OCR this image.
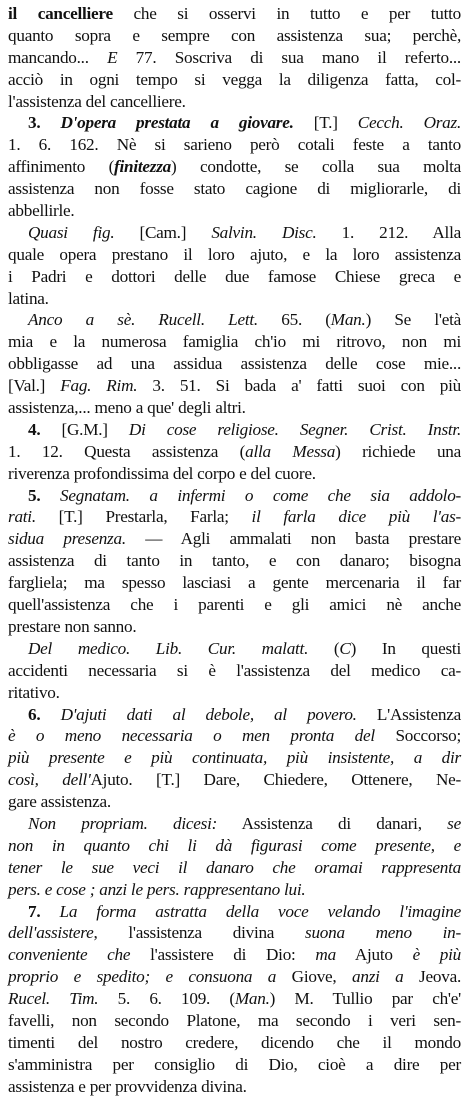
il cancelliere che si osservi in tutto e per tutto
quanto sopra e sempre con assistenza sua; perchè,
mancando... E 77. Soscriva di sua mano il referto...
acciò in ogni tempo si vegga la diligenza fatta, col-
l'assistenza del cancelliere.
3. D'opera prestata a giovare. [T.] Cecch. Oraz.
1. 6. 162. Nè si sarieno però cotali feste a tanto
affinimento (finitezza) condotte, se colla sua molta
assistenza non fosse stato cagione di migliorarle, di
abbellirle.
Quasi fig. [Cam.] Salvin. Disc. 1. 212. Alla
quale opera prestano il loro ajuto, e la loro assistenza
i Padri e dottori delle due famose Chiese greca e
latina.
Anco a sè. Rucell. Lett. 65. (Man.) Se l'età
mia e la numerosa famiglia ch'io mi ritrovo, non mi
obbligasse ad una assidua assistenza delle cose mie...
[Val.] Fag. Rim. 3. 51. Si bada a' fatti suoi con più
assistenza,... meno a que' degli altri.
4. [G.M.] Di cose religiose. Segner. Crist. Instr.
1. 12. Questa assistenza (alla Messa) richiede una
riverenza profondissima del corpo e del cuore.
5. Segnatam. a infermi o come che sia addolo-
rati. [T.] Prestarla, Farla; il farla dice più l'as-
sidua presenza. — Agli ammalati non basta prestare
assistenza di tanto in tanto, e con danaro; bisogna
fargliela; ma spesso lasciasi a gente mercenaria il far
quell'assistenza che i parenti e gli amici nè anche
prestare non sanno.
Del medico. Lib. Cur. malatt. (C) In questi
accidenti necessaria si è l'assistenza del medico ca-
ritativo.
6. D'ajuti dati al debole, al povero. L'Assistenza
è o meno necessaria o men pronta del Soccorso;
più presente e più continuata, più insistente, a dir
così, dell'Ajuto. [T.] Dare, Chiedere, Ottenere, Ne-
gare assistenza.
Non propriam. dicesi: Assistenza di danari, se
non in quanto chi li dà figurasi come presente, e
tener le sue veci il danaro che oramai rappresenta
pers. e cose ; anzi le pers. rappresentano lui.
7. La forma astratta della voce velando l'imagine
dell'assistere, l'assistenza divina suona meno in-
conveniente che l'assistere di Dio: ma Ajuto è più
proprio e spedito; e consuona a Giove, anzi a Jeova.
Rucel. Tim. 5. 6. 109. (Man.) M. Tullio par ch'e'
favelli, non secondo Platone, ma secondo i veri sen-
timenti del nostro credere, dicendo che il mondo
s'amministra per consiglio di Dio, cioè a dire per
assistenza e per provvidenza divina.
